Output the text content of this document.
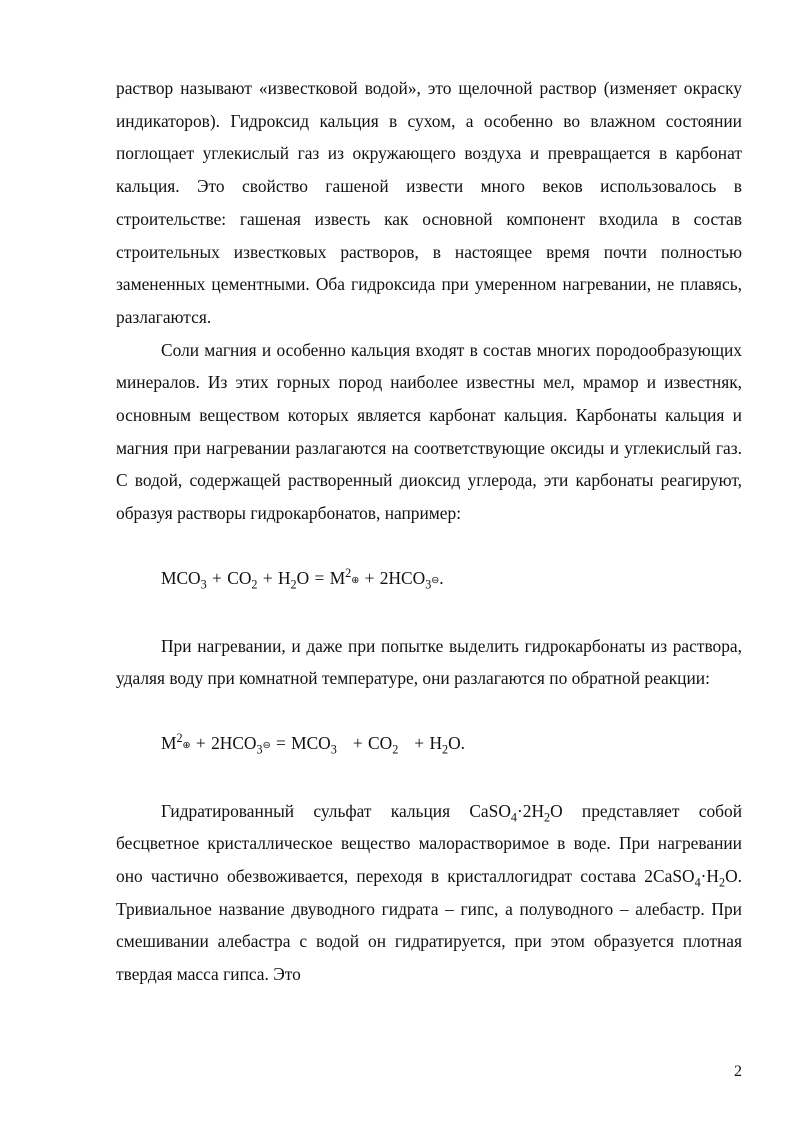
раствор называют «известковой водой», это щелочной раствор (изменяет окраску индикаторов). Гидроксид кальция в сухом, а особенно во влажном состоянии поглощает углекислый газ из окружающего воздуха и превращается в карбонат кальция. Это свойство гашеной извести много веков использовалось в строительстве: гашеная известь как основной компонент входила в состав строительных известковых растворов, в настоящее время почти полностью замененных цементными. Оба гидроксида при умеренном нагревании, не плавясь, разлагаются.

Соли магния и особенно кальция входят в состав многих породообразующих минералов. Из этих горных пород наиболее известны мел, мрамор и известняк, основным веществом которых является карбонат кальция. Карбонаты кальция и магния при нагревании разлагаются на соответствующие оксиды и углекислый газ. С водой, содержащей растворенный диоксид углерода, эти карбонаты реагируют, образуя растворы гидрокарбонатов, например:

$MCO_3 + CO_2 + H_2O$ = $M^2\oplus$ + $2HCO_3⊖$.

При нагревании, и даже при попытке выделить гидрокарбонаты из раствора, удаляя воду при комнатной температуре, они разлагаются по обратной реакции:

$M^2\oplus$ + $2HCO_3⊖ = MCO_3 + CO_2 + H_2O$.

Гидратированный сульфат кальция $CaSO_4\cdot 2H_2O$ представляет собой бесцветное кристаллическое вещество малорастворимое в воде. При нагревании оно частично обезвоживается, переходя в кристаллогидрат состава $2CaSO_4\cdot H_2O$. Тривиальное название двуводного гидрата – гипс, а полуводного – алебастр. При смешивании алебастра с водой он гидратируется, при этом образуется плотная твердая масса гипса. Это

2
